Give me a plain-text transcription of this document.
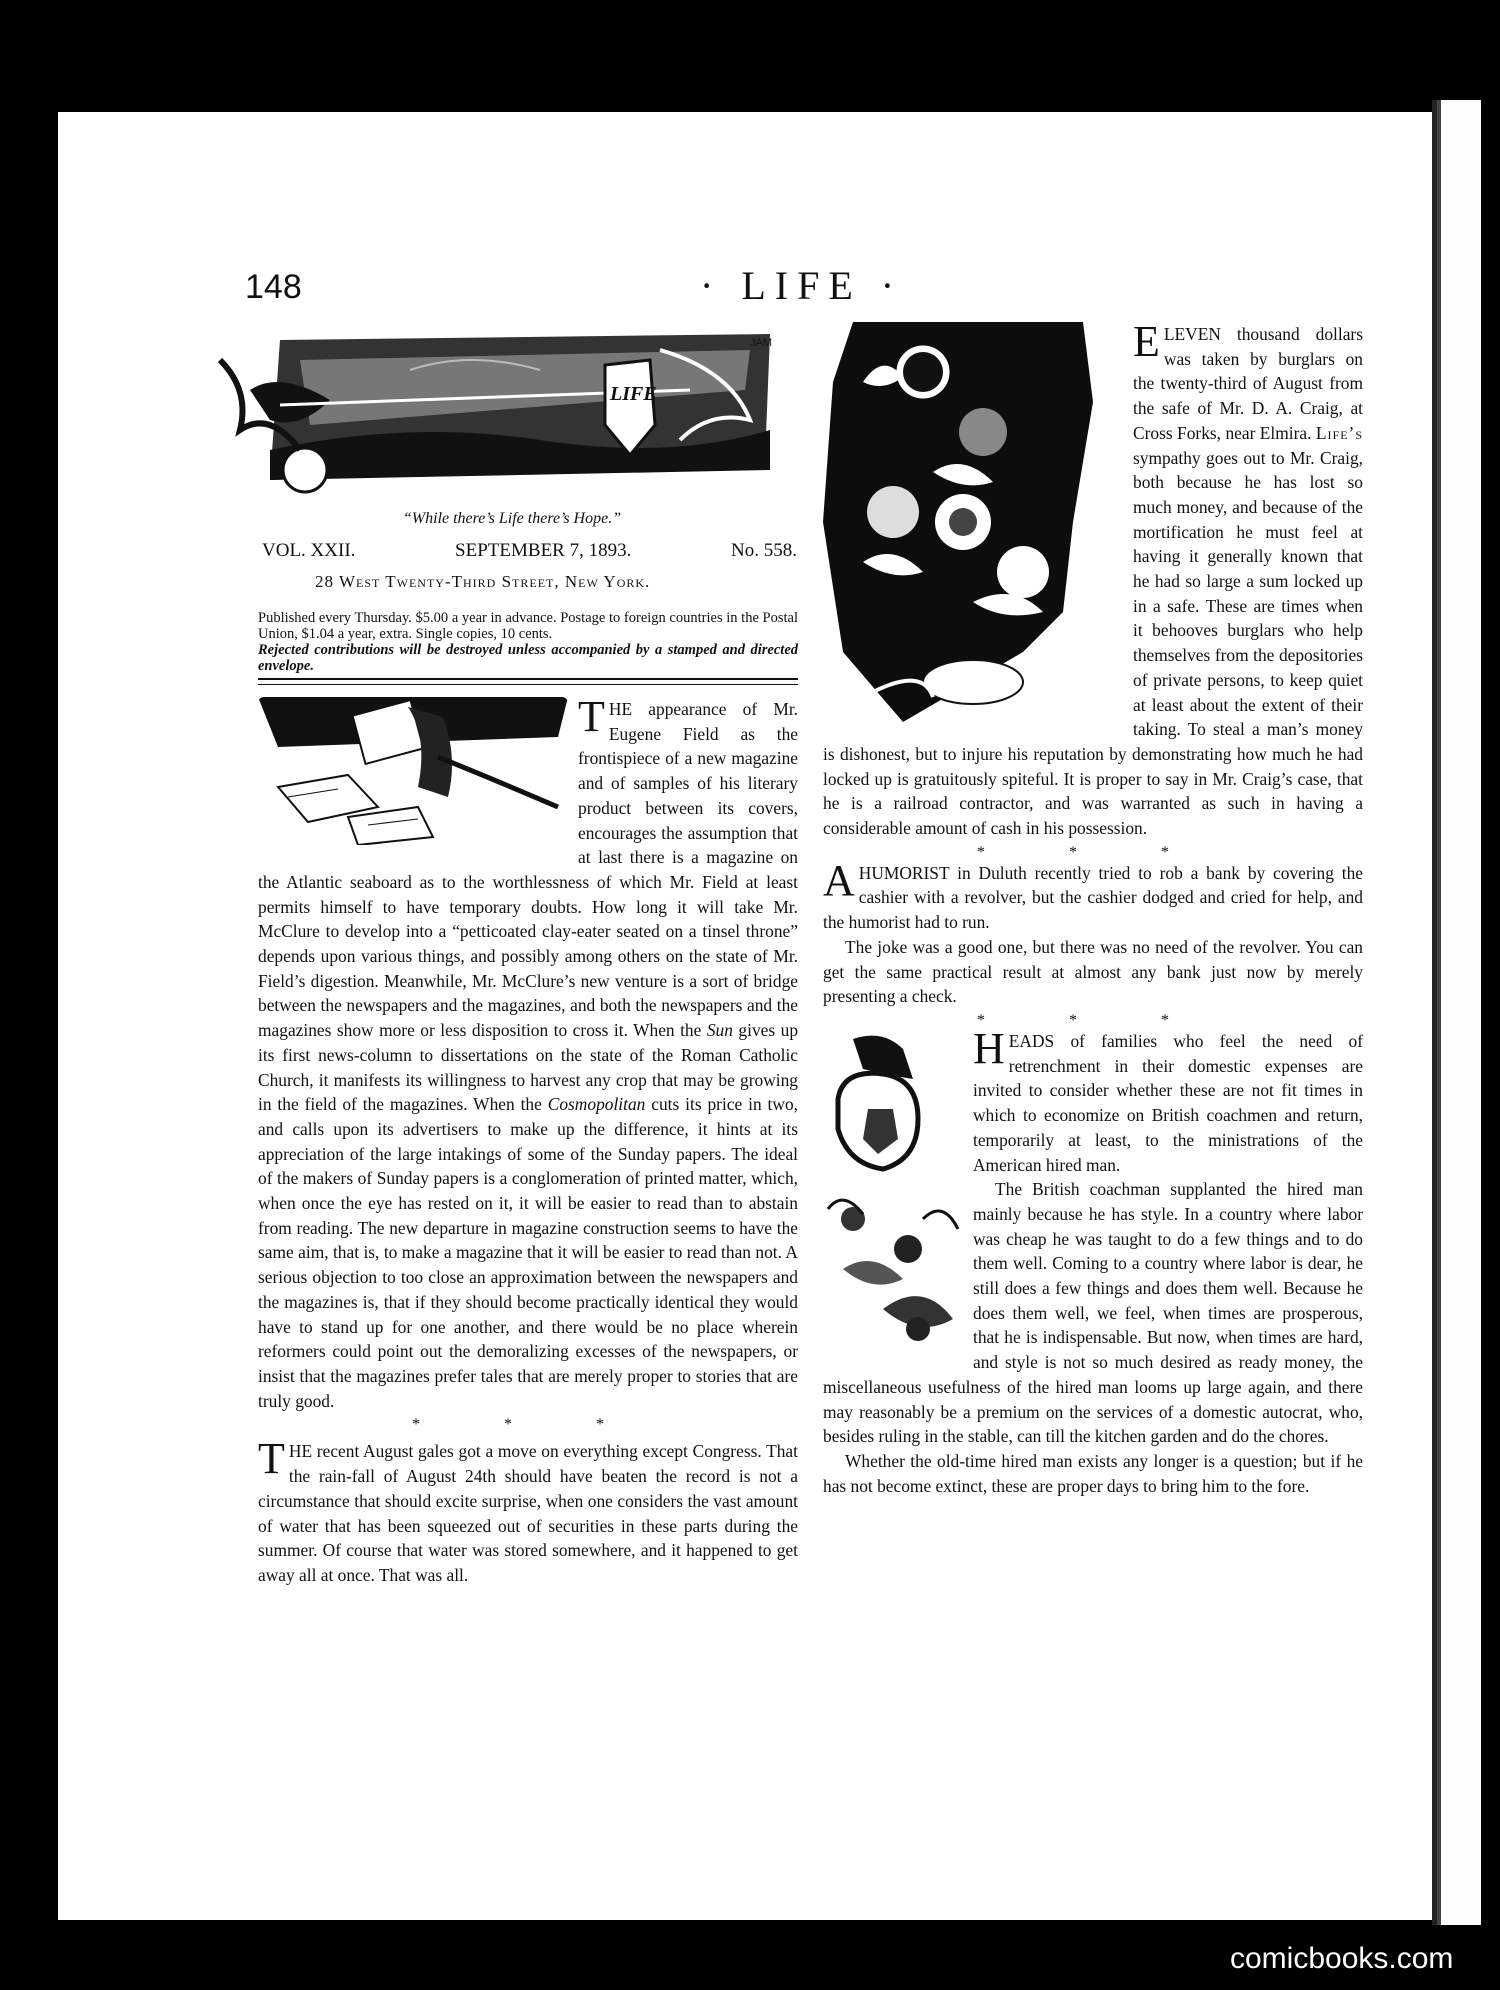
148	· LIFE ·
LIFE
JAM
“While there’s Life there’s Hope.”
VOL. XXII.	SEPTEMBER 7, 1893.	No. 558.
28 West Twenty-Third Street, New York.
Published every Thursday. $5.00 a year in advance. Postage to foreign countries in the Postal Union, $1.04 a year, extra. Single copies, 10 cents.
Rejected contributions will be destroyed unless accompanied by a stamped and directed envelope.

THE appearance of Mr. Eugene Field as the frontispiece of a new magazine and of samples of his literary product between its covers, encourages the assumption that at last there is a magazine on the Atlantic seaboard as to the worthlessness of which Mr. Field at least permits himself to have temporary doubts. How long it will take Mr. McClure to develop into a “petticoated clay-eater seated on a tinsel throne” depends upon various things, and possibly among others on the state of Mr. Field’s digestion. Meanwhile, Mr. McClure’s new venture is a sort of bridge between the newspapers and the magazines, and both the newspapers and the magazines show more or less disposition to cross it. When the Sun gives up its first news-column to dissertations on the state of the Roman Catholic Church, it manifests its willingness to harvest any crop that may be growing in the field of the magazines. When the Cosmopolitan cuts its price in two, and calls upon its advertisers to make up the difference, it hints at its appreciation of the large intakings of some of the Sunday papers. The ideal of the makers of Sunday papers is a conglomeration of printed matter, which, when once the eye has rested on it, it will be easier to read than to abstain from reading. The new departure in magazine construction seems to have the same aim, that is, to make a magazine that it will be easier to read than not. A serious objection to too close an approximation between the newspapers and the magazines is, that if they should become practically identical they would have to stand up for one another, and there would be no place wherein reformers could point out the demoralizing excesses of the newspapers, or insist that the magazines prefer tales that are merely proper to stories that are truly good.

* * *

THE recent August gales got a move on everything except Congress. That the rain-fall of August 24th should have beaten the record is not a circumstance that should excite surprise, when one considers the vast amount of water that has been squeezed out of securities in these parts during the summer. Of course that water was stored somewhere, and it happened to get away all at once. That was all.

ELEVEN thousand dollars was taken by burglars on the twenty-third of August from the safe of Mr. D. A. Craig, at Cross Forks, near Elmira. Life’s sympathy goes out to Mr. Craig, both because he has lost so much money, and because of the mortification he must feel at having it generally known that he had so large a sum locked up in a safe. These are times when it behooves burglars who help themselves from the depositories of private persons, to keep quiet at least about the extent of their taking. To steal a man’s money is dishonest, but to injure his reputation by demonstrating how much he had locked up is gratuitously spiteful. It is proper to say in Mr. Craig’s case, that he is a railroad contractor, and was warranted as such in having a considerable amount of cash in his possession.

* * *

A HUMORIST in Duluth recently tried to rob a bank by covering the cashier with a revolver, but the cashier dodged and cried for help, and the humorist had to run.

The joke was a good one, but there was no need of the revolver. You can get the same practical result at almost any bank just now by merely presenting a check.

* * *

HEADS of families who feel the need of retrenchment in their domestic expenses are invited to consider whether these are not fit times in which to economize on British coachmen and return, temporarily at least, to the ministrations of the American hired man.

The British coachman supplanted the hired man mainly because he has style. In a country where labor was cheap he was taught to do a few things and to do them well. Coming to a country where labor is dear, he still does a few things and does them well. Because he does them well, we feel, when times are prosperous, that he is indispensable. But now, when times are hard, and style is not so much desired as ready money, the miscellaneous usefulness of the hired man looms up large again, and there may reasonably be a premium on the services of a domestic autocrat, who, besides ruling in the stable, can till the kitchen garden and do the chores.

Whether the old-time hired man exists any longer is a question; but if he has not become extinct, these are proper days to bring him to the fore.

comicbooks.com
